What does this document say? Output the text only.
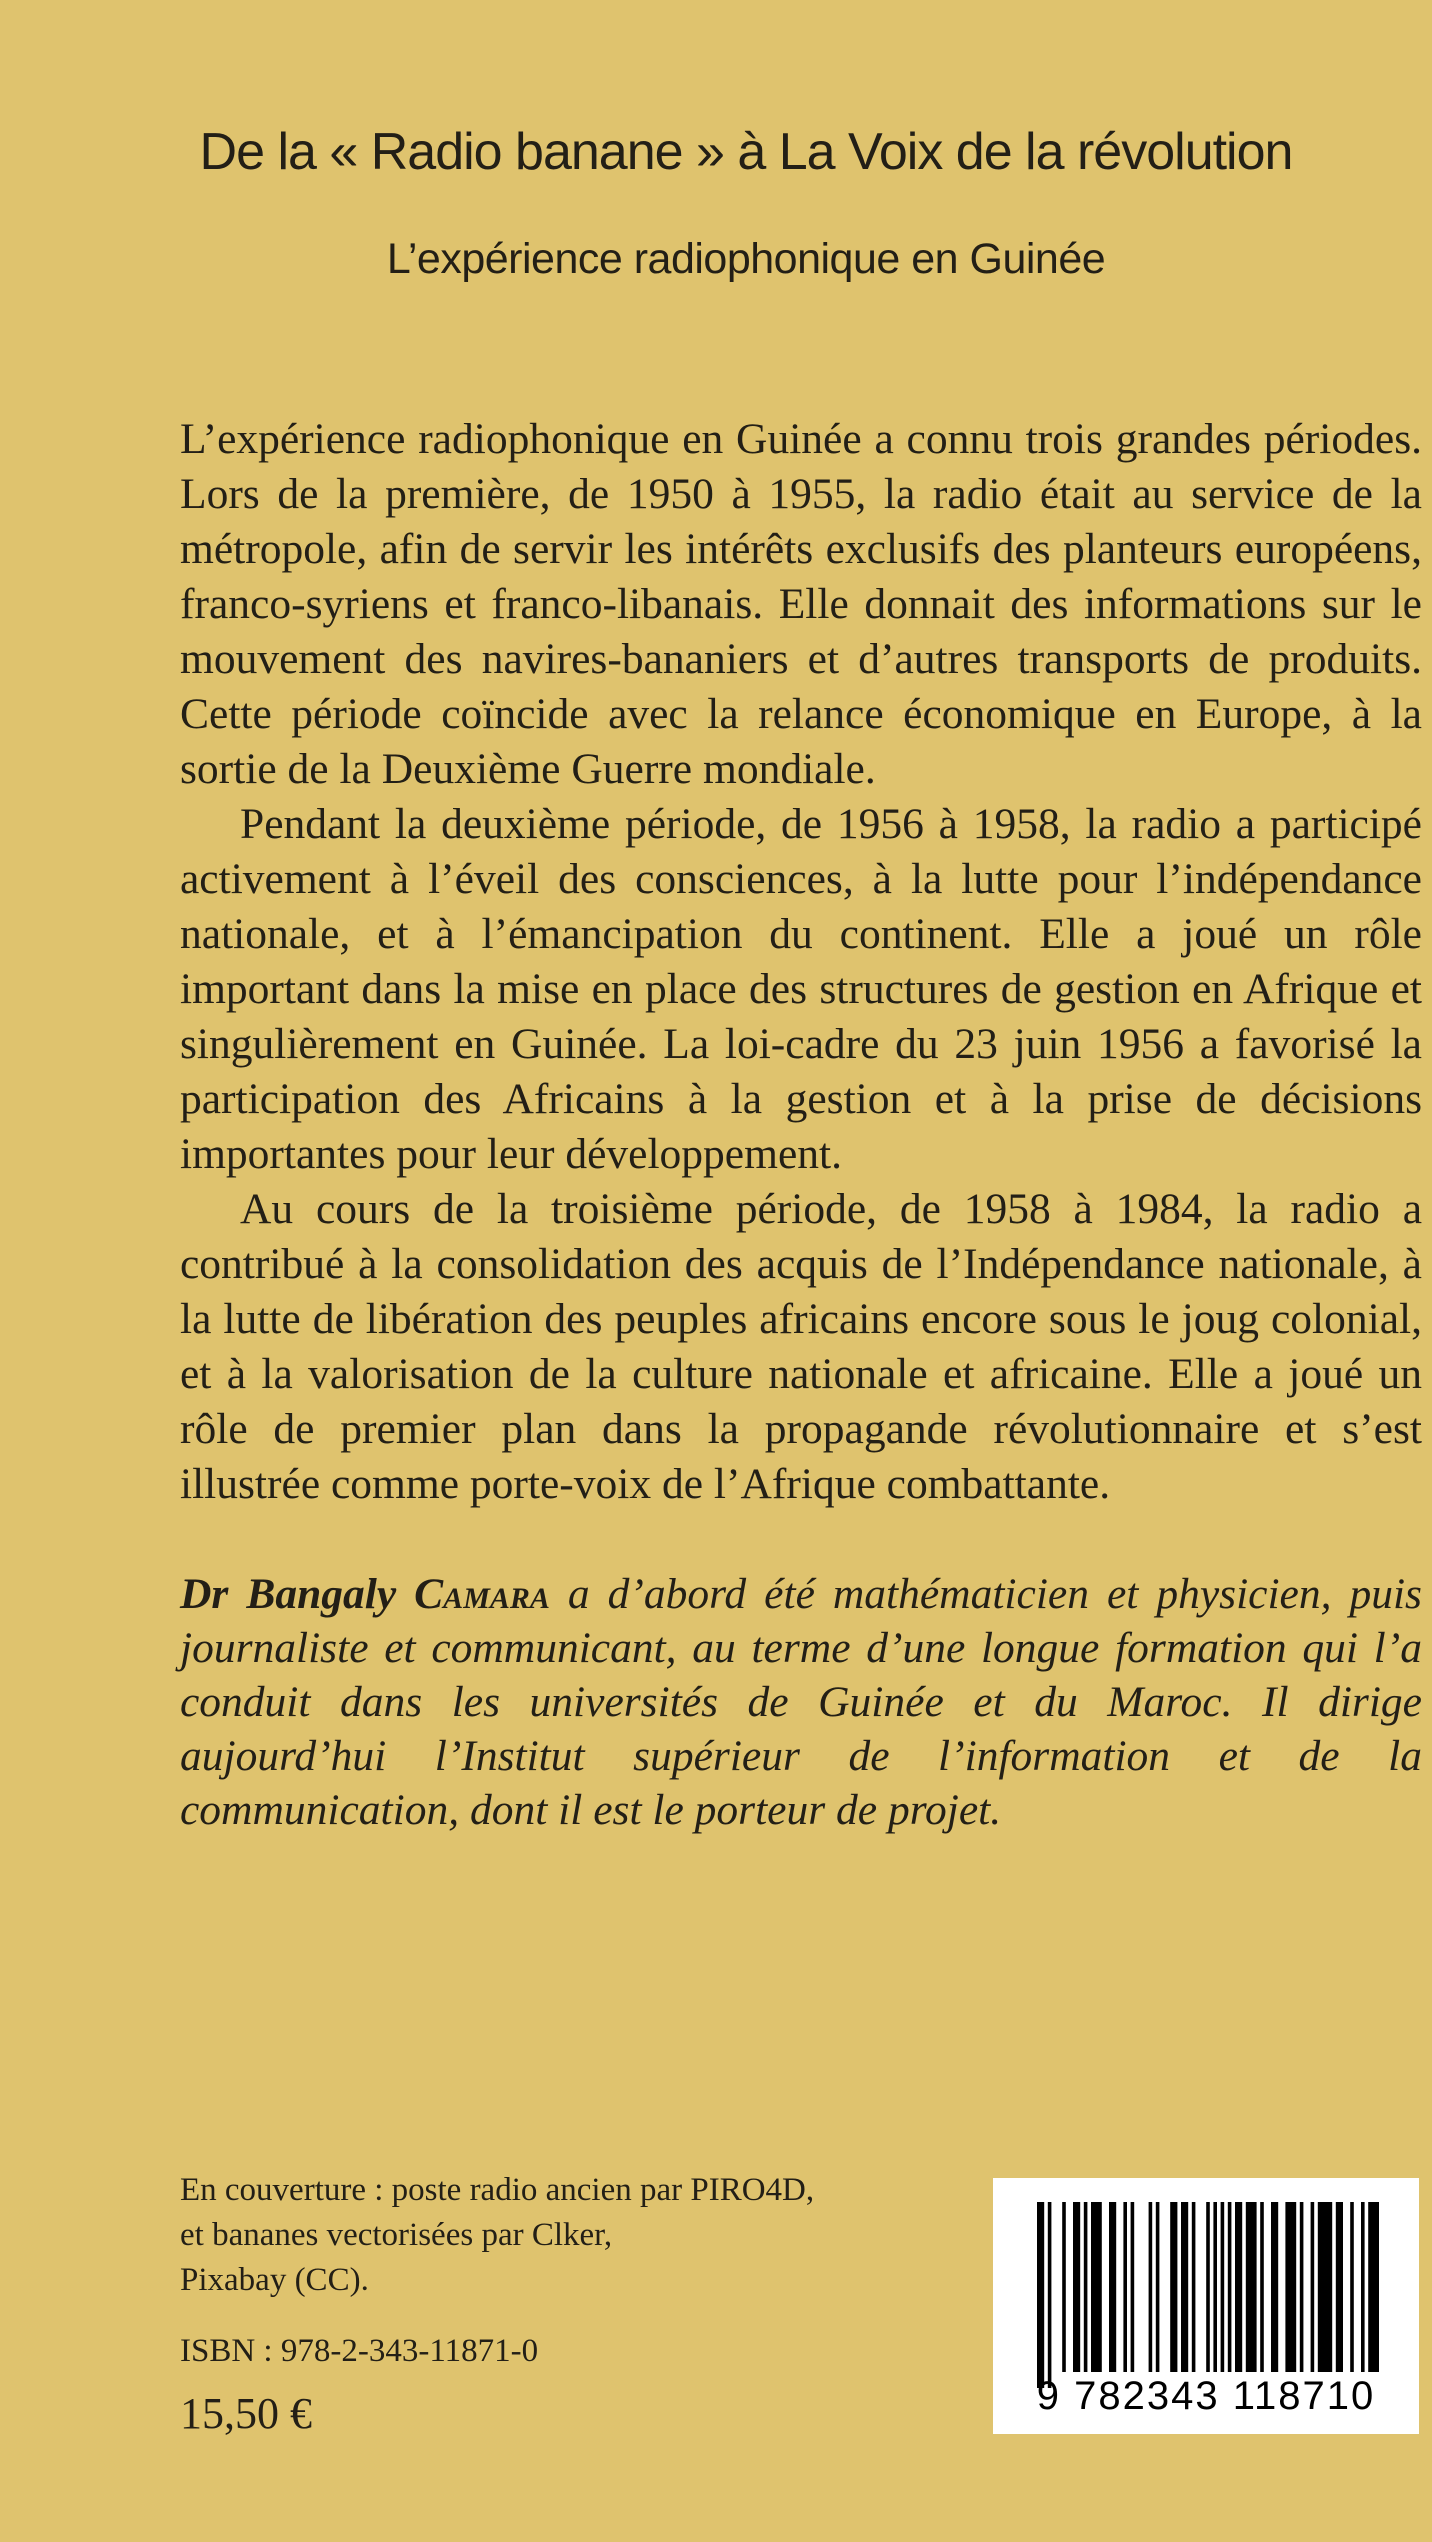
De la « Radio banane » à La Voix de la révolution
L’expérience radiophonique en Guinée

L’expérience radiophonique en Guinée a connu trois grandes périodes. Lors de la première, de 1950 à 1955, la radio était au service de la métropole, afin de servir les intérêts exclusifs des planteurs européens, franco-syriens et franco-libanais. Elle donnait des informations sur le mouvement des navires-bananiers et d’autres transports de produits. Cette période coïncide avec la relance économique en Europe, à la sortie de la Deuxième Guerre mondiale.

Pendant la deuxième période, de 1956 à 1958, la radio a participé activement à l’éveil des consciences, à la lutte pour l’indépendance nationale, et à l’émancipation du continent. Elle a joué un rôle important dans la mise en place des structures de gestion en Afrique et singulièrement en Guinée. La loi-cadre du 23 juin 1956 a favorisé la participation des Africains à la gestion et à la prise de décisions importantes pour leur développement.

Au cours de la troisième période, de 1958 à 1984, la radio a contribué à la consolidation des acquis de l’Indépendance nationale, à la lutte de libération des peuples africains encore sous le joug colonial, et à la valorisation de la culture nationale et africaine. Elle a joué un rôle de premier plan dans la propagande révolutionnaire et s’est illustrée comme porte-voix de l’Afrique combattante.

Dr Bangaly Camara a d’abord été mathématicien et physicien, puis journaliste et communicant, au terme d’une longue formation qui l’a conduit dans les universités de Guinée et du Maroc. Il dirige aujourd’hui l’Institut supérieur de l’information et de la communication, dont il est le porteur de projet.
En couverture : poste radio ancien par PIRO4D,
et bananes vectorisées par Clker,
Pixabay (CC).
ISBN : 978-2-343-11871-0
15,50 €	9 782343 118710
